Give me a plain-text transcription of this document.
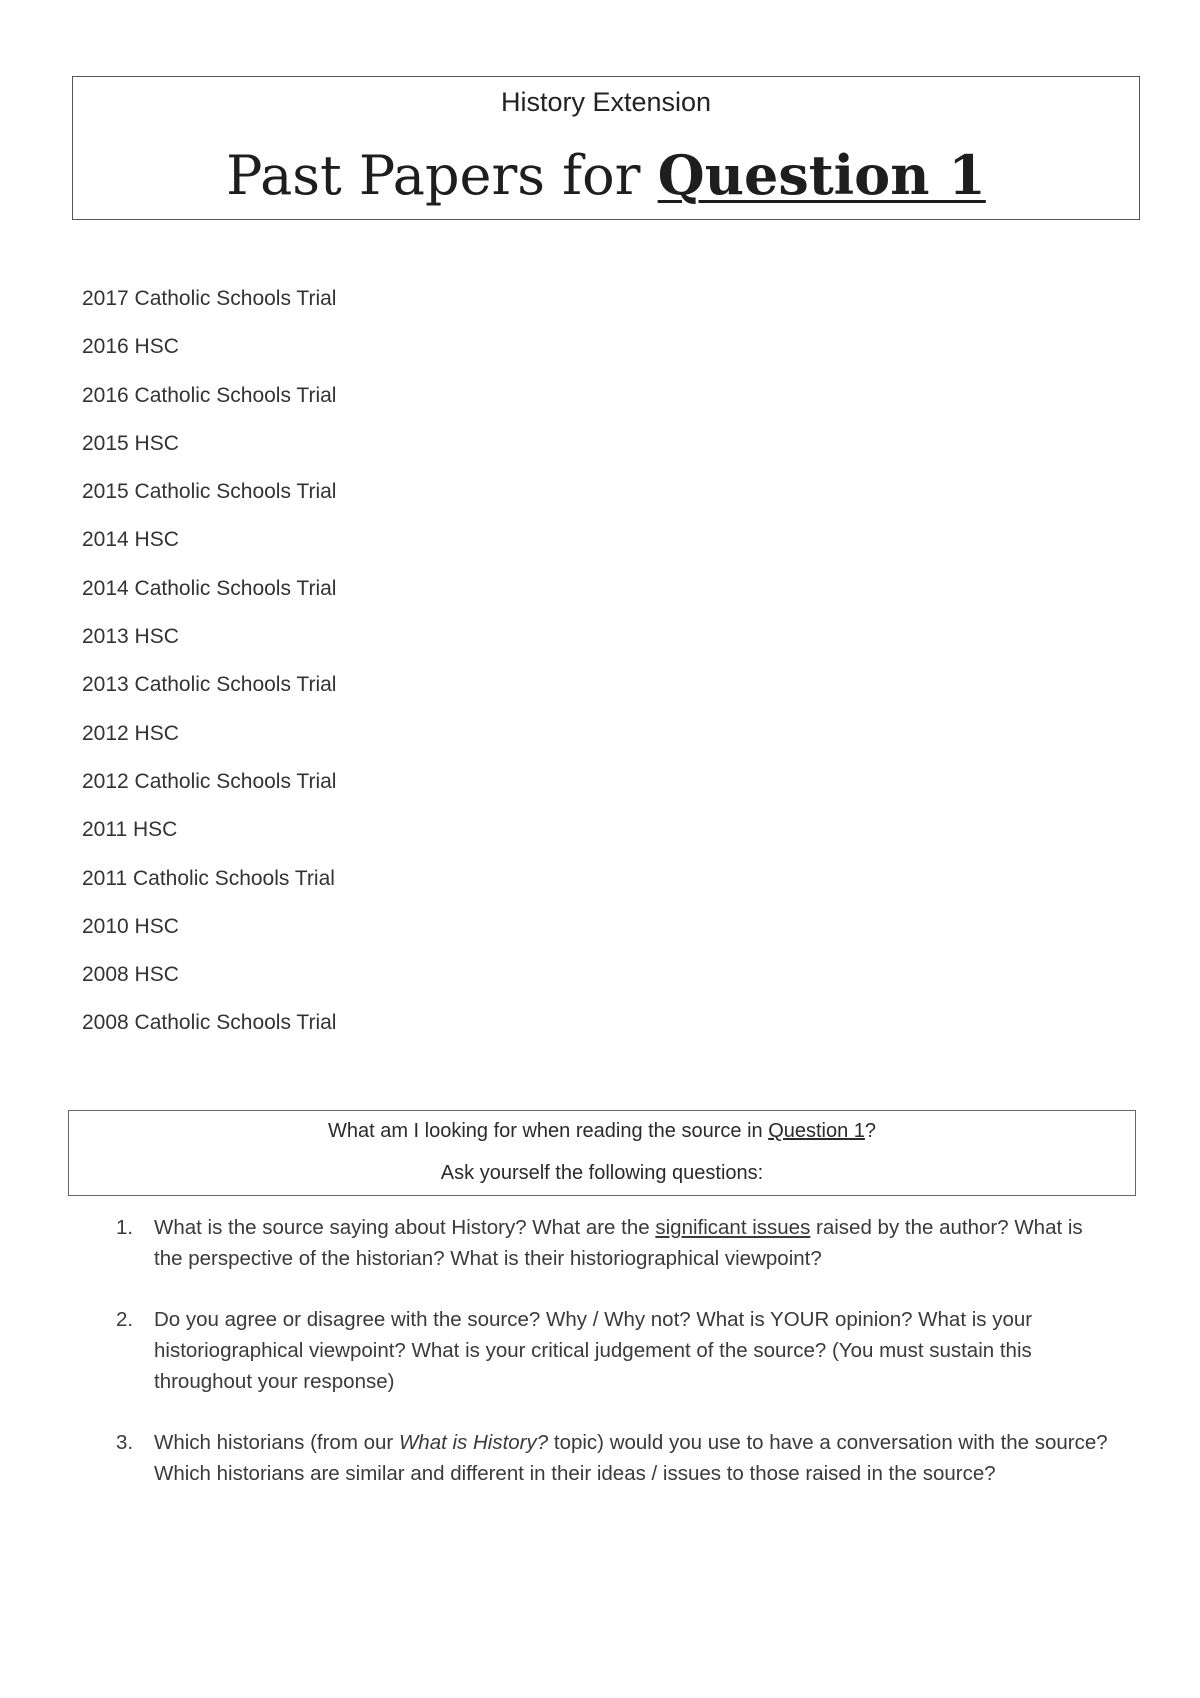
History Extension
Past Papers for Question 1
2017 Catholic Schools Trial
2016 HSC
2016 Catholic Schools Trial
2015 HSC
2015 Catholic Schools Trial
2014 HSC
2014 Catholic Schools Trial
2013 HSC
2013 Catholic Schools Trial
2012 HSC
2012 Catholic Schools Trial
2011 HSC
2011 Catholic Schools Trial
2010 HSC
2008 HSC
2008 Catholic Schools Trial
What am I looking for when reading the source in Question 1?
Ask yourself the following questions:
1. What is the source saying about History? What are the significant issues raised by the author? What is the perspective of the historian? What is their historiographical viewpoint?
2. Do you agree or disagree with the source? Why / Why not? What is YOUR opinion? What is your historiographical viewpoint? What is your critical judgement of the source? (You must sustain this throughout your response)
3. Which historians (from our What is History? topic) would you use to have a conversation with the source? Which historians are similar and different in their ideas / issues to those raised in the source?
